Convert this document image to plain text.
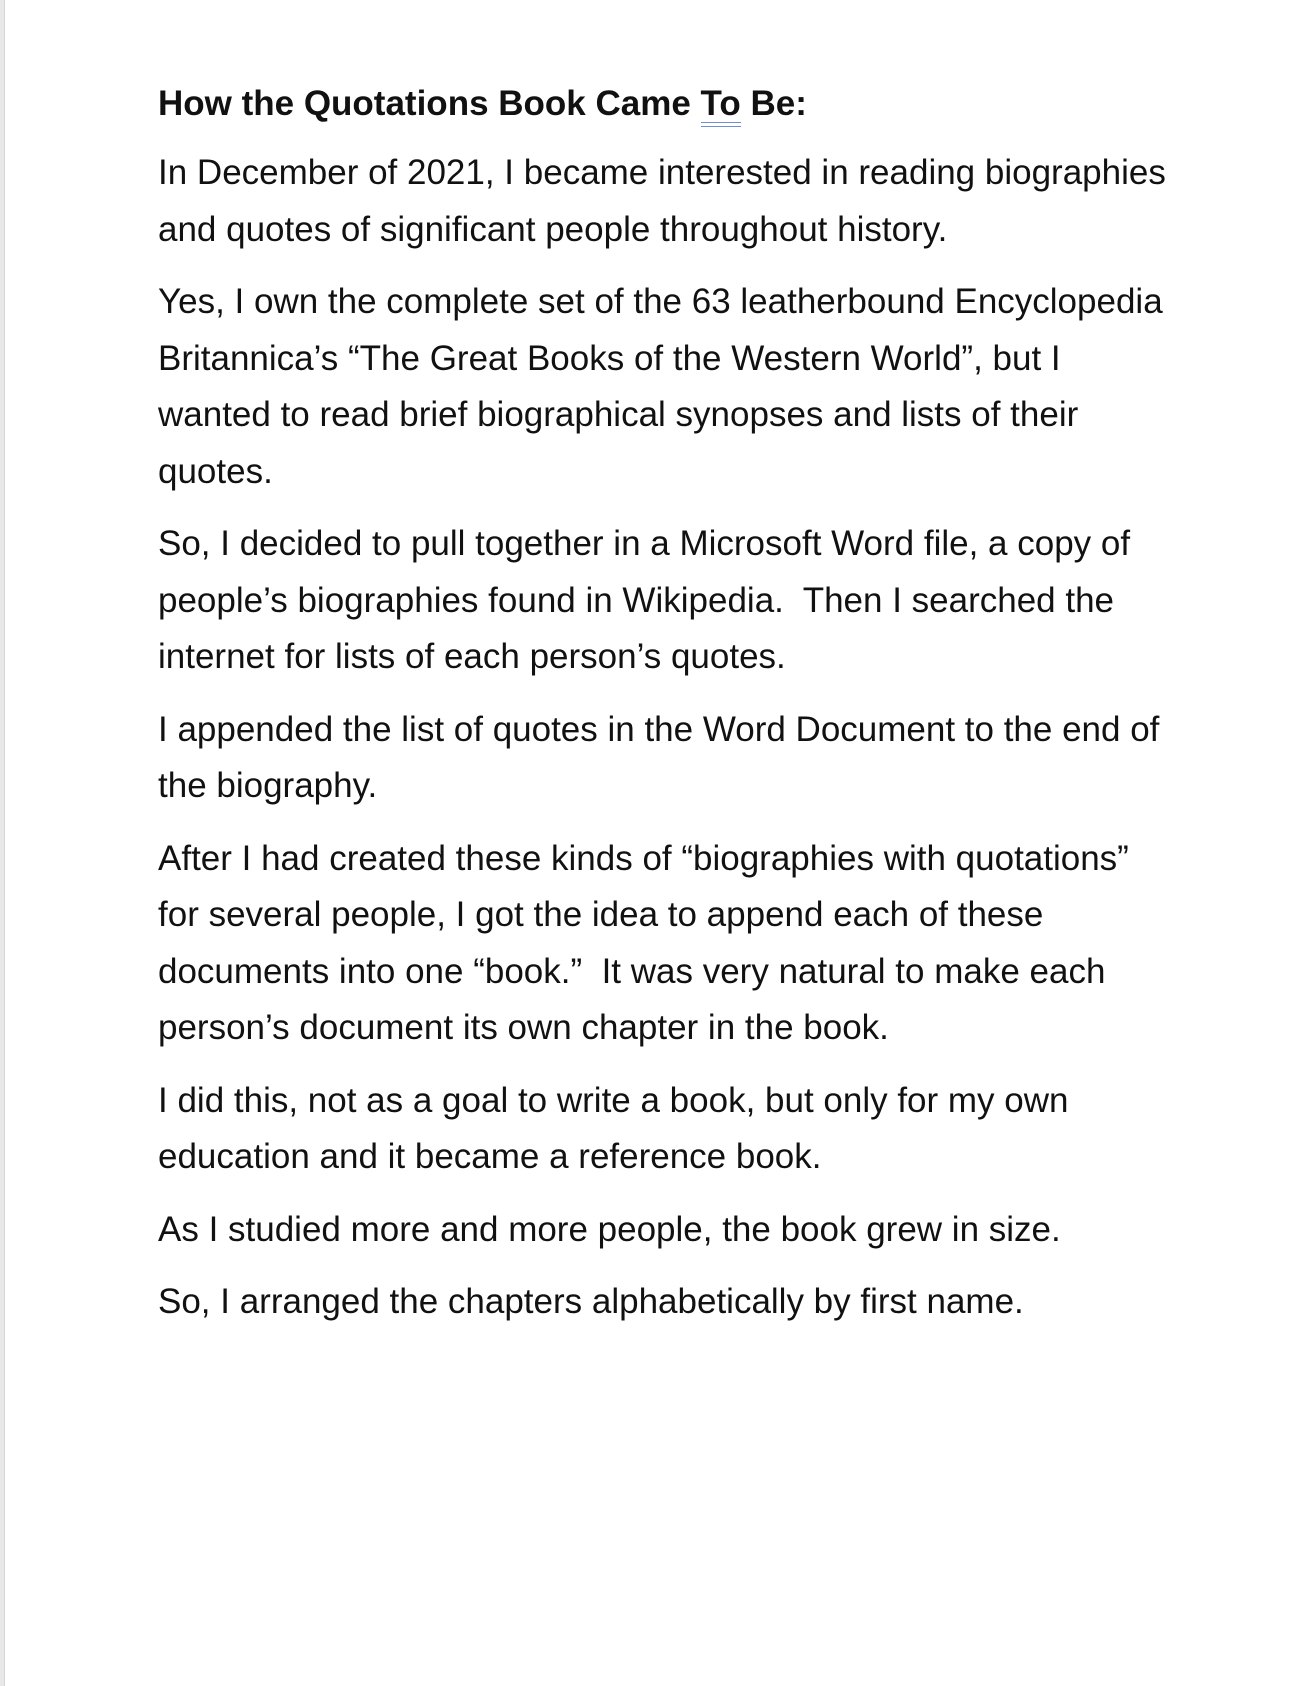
How the Quotations Book Came To Be:

In December of 2021, I became interested in reading biographies and quotes of significant people throughout history.

Yes, I own the complete set of the 63 leatherbound Encyclopedia Britannica’s “The Great Books of the Western World”, but I wanted to read brief biographical synopses and lists of their quotes.

So, I decided to pull together in a Microsoft Word file, a copy of people’s biographies found in Wikipedia.  Then I searched the internet for lists of each person’s quotes.

I appended the list of quotes in the Word Document to the end of the biography.

After I had created these kinds of “biographies with quotations” for several people, I got the idea to append each of these documents into one “book.”  It was very natural to make each person’s document its own chapter in the book.

I did this, not as a goal to write a book, but only for my own education and it became a reference book.

As I studied more and more people, the book grew in size.

So, I arranged the chapters alphabetically by first name.
